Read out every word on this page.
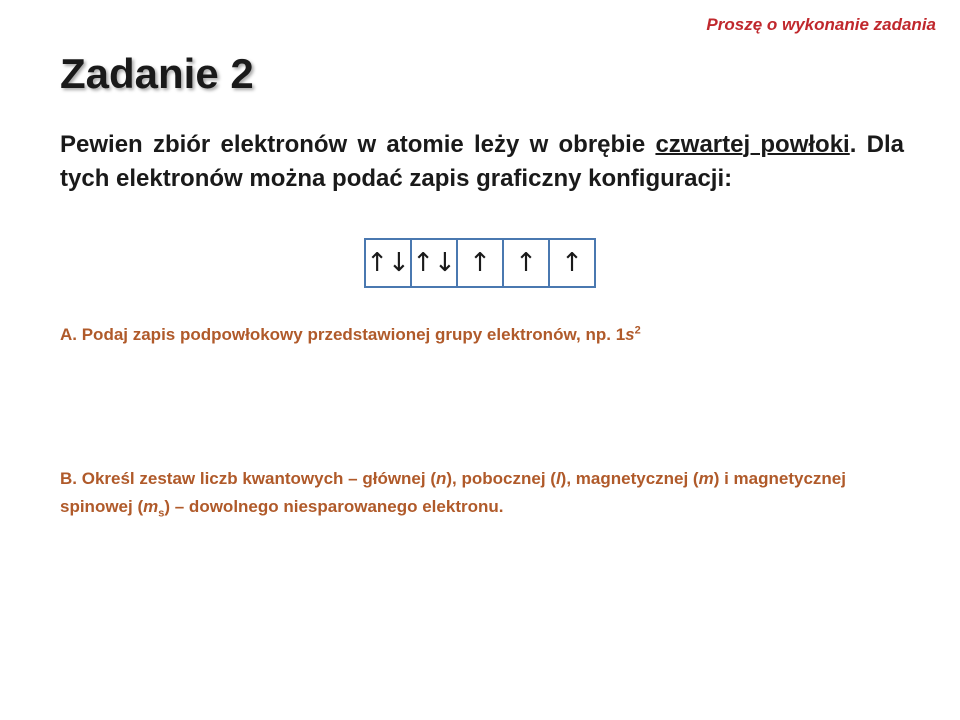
Proszę o wykonanie zadania
Zadanie 2

Pewien zbiór elektronów w atomie leży w obrębie czwartej powłoki. Dla tych elektronów można podać zapis graficzny konfiguracji:

↑↓ ↑↓ ↑ ↑ ↑

A. Podaj zapis podpowłokowy przedstawionej grupy elektronów, np. $1s^2$

B. Określ zestaw liczb kwantowych – głównej (n), pobocznej (l), magnetycznej (m) i magnetycznej spinowej $(m_s)$ – dowolnego niesparowanego elektronu.
